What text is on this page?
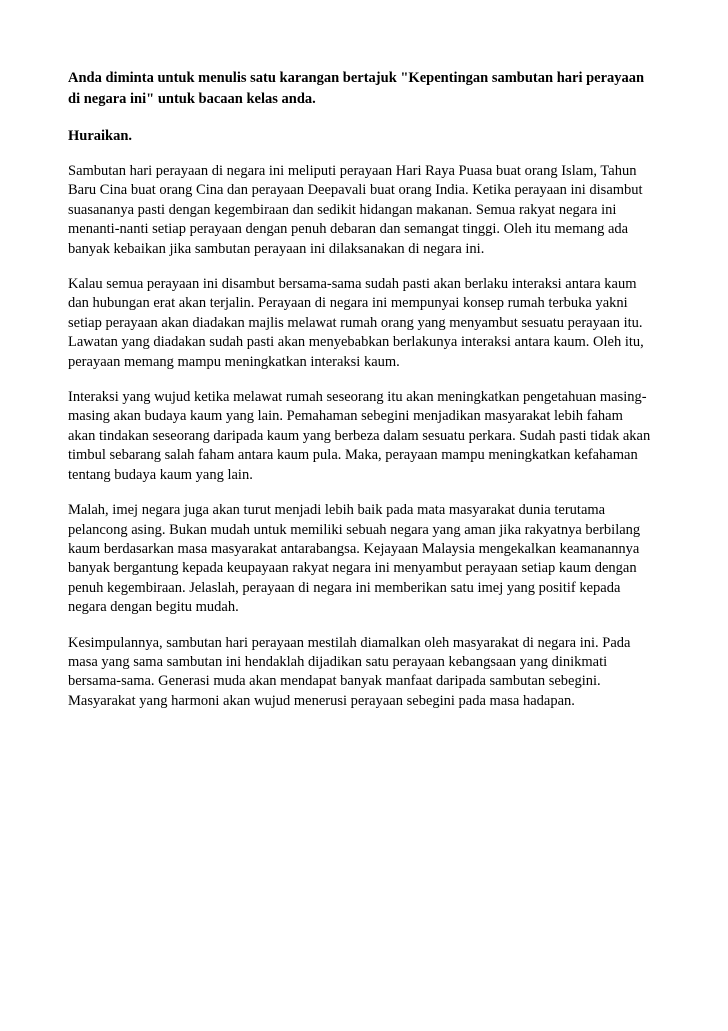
Anda diminta untuk menulis satu karangan bertajuk "Kepentingan sambutan hari perayaan
di negara ini" untuk bacaan kelas anda.

Huraikan.

Sambutan hari perayaan di negara ini meliputi perayaan Hari Raya Puasa buat orang Islam, Tahun
Baru Cina buat orang Cina dan perayaan Deepavali buat orang India. Ketika perayaan ini disambut
suasananya pasti dengan kegembiraan dan sedikit hidangan makanan. Semua rakyat negara ini
menanti-nanti setiap perayaan dengan penuh debaran dan semangat tinggi. Oleh itu memang ada
banyak kebaikan jika sambutan perayaan ini dilaksanakan di negara ini.

Kalau semua perayaan ini disambut bersama-sama sudah pasti akan berlaku interaksi antara kaum
dan hubungan erat akan terjalin. Perayaan di negara ini mempunyai konsep rumah terbuka yakni
setiap perayaan akan diadakan majlis melawat rumah orang yang menyambut sesuatu perayaan itu.
Lawatan yang diadakan sudah pasti akan menyebabkan berlakunya interaksi antara kaum. Oleh itu,
perayaan memang mampu meningkatkan interaksi kaum.

Interaksi yang wujud ketika melawat rumah seseorang itu akan meningkatkan pengetahuan masing-
masing akan budaya kaum yang lain. Pemahaman sebegini menjadikan masyarakat lebih faham
akan tindakan seseorang daripada kaum yang berbeza dalam sesuatu perkara. Sudah pasti tidak akan
timbul sebarang salah faham antara kaum pula. Maka, perayaan mampu meningkatkan kefahaman
tentang budaya kaum yang lain.

Malah, imej negara juga akan turut menjadi lebih baik pada mata masyarakat dunia terutama
pelancong asing. Bukan mudah untuk memiliki sebuah negara yang aman jika rakyatnya berbilang
kaum berdasarkan masa masyarakat antarabangsa. Kejayaan Malaysia mengekalkan keamanannya
banyak bergantung kepada keupayaan rakyat negara ini menyambut perayaan setiap kaum dengan
penuh kegembiraan. Jelaslah, perayaan di negara ini memberikan satu imej yang positif kepada
negara dengan begitu mudah.

Kesimpulannya, sambutan hari perayaan mestilah diamalkan oleh masyarakat di negara ini. Pada
masa yang sama sambutan ini hendaklah dijadikan satu perayaan kebangsaan yang dinikmati
bersama-sama. Generasi muda akan mendapat banyak manfaat daripada sambutan sebegini.
Masyarakat yang harmoni akan wujud menerusi perayaan sebegini pada masa hadapan.
